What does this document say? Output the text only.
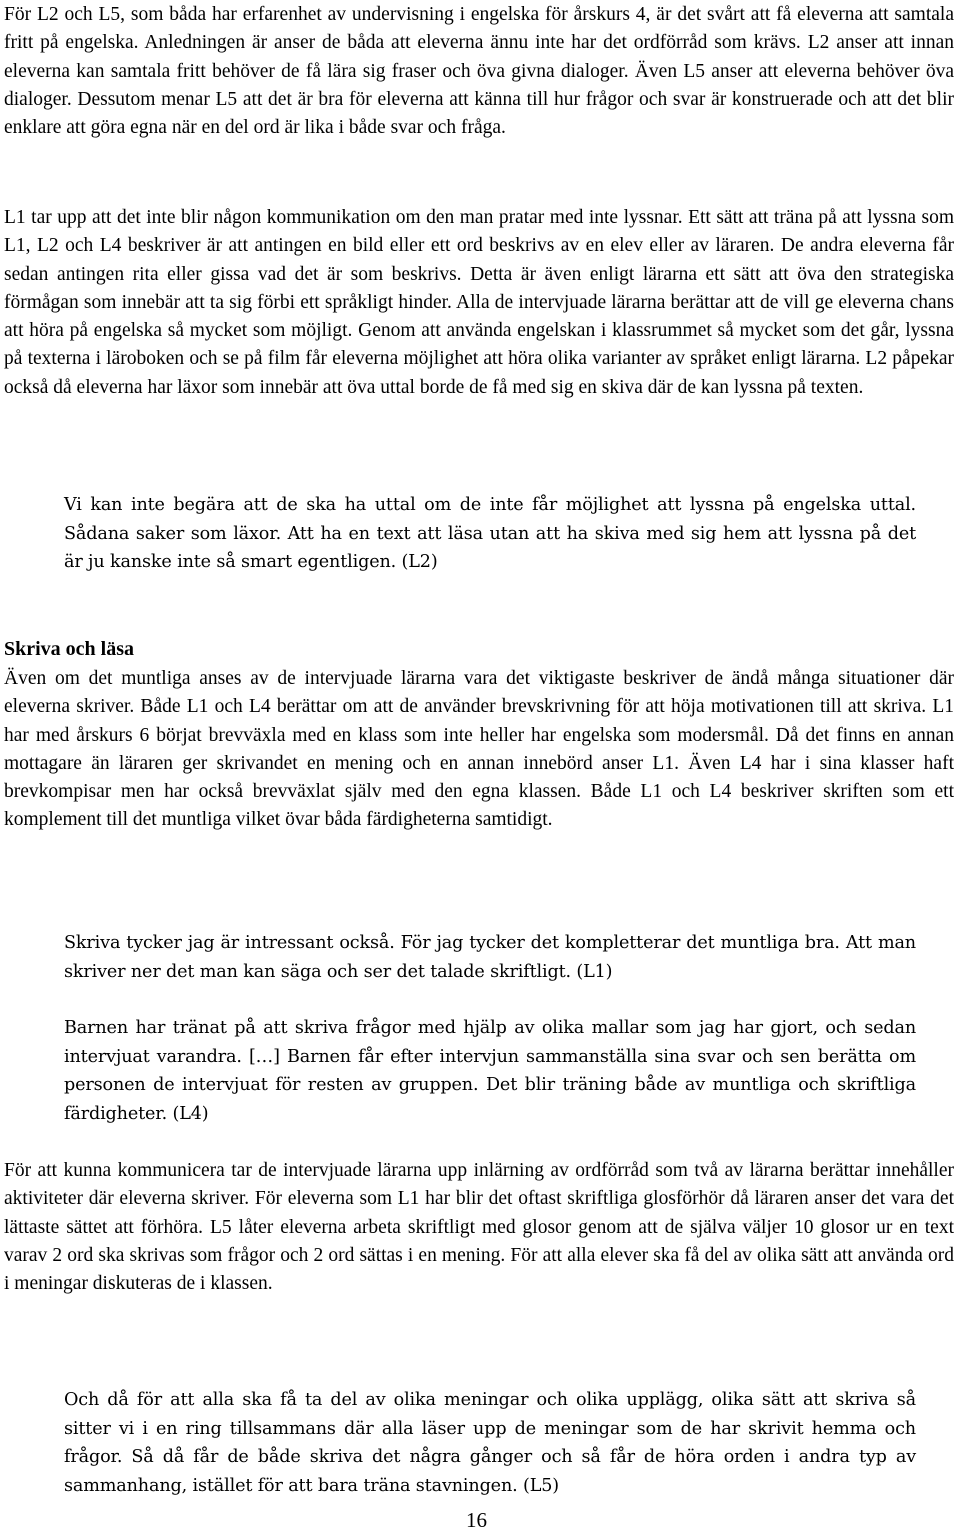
För L2 och L5, som båda har erfarenhet av undervisning i engelska för årskurs 4, är det svårt att få eleverna att samtala fritt på engelska. Anledningen är anser de båda att eleverna ännu inte har det ordförråd som krävs. L2 anser att innan eleverna kan samtala fritt behöver de få lära sig fraser och öva givna dialoger. Även L5 anser att eleverna behöver öva dialoger. Dessutom menar L5 att det är bra för eleverna att känna till hur frågor och svar är konstruerade och att det blir enklare att göra egna när en del ord är lika i både svar och fråga.

L1 tar upp att det inte blir någon kommunikation om den man pratar med inte lyssnar. Ett sätt att träna på att lyssna som L1, L2 och L4 beskriver är att antingen en bild eller ett ord beskrivs av en elev eller av läraren. De andra eleverna får sedan antingen rita eller gissa vad det är som beskrivs. Detta är även enligt lärarna ett sätt att öva den strategiska förmågan som innebär att ta sig förbi ett språkligt hinder. Alla de intervjuade lärarna berättar att de vill ge eleverna chans att höra på engelska så mycket som möjligt. Genom att använda engelskan i klassrummet så mycket som det går, lyssna på texterna i läroboken och se på film får eleverna möjlighet att höra olika varianter av språket enligt lärarna. L2 påpekar också då eleverna har läxor som innebär att öva uttal borde de få med sig en skiva där de kan lyssna på texten.

Vi kan inte begära att de ska ha uttal om de inte får möjlighet att lyssna på engelska uttal. Sådana saker som läxor. Att ha en text att läsa utan att ha skiva med sig hem att lyssna på det är ju kanske inte så smart egentligen. (L2)

Skriva och läsa

Även om det muntliga anses av de intervjuade lärarna vara det viktigaste beskriver de ändå många situationer där eleverna skriver. Både L1 och L4 berättar om att de använder brevskrivning för att höja motivationen till att skriva. L1 har med årskurs 6 börjat brevväxla med en klass som inte heller har engelska som modersmål. Då det finns en annan mottagare än läraren ger skrivandet en mening och en annan innebörd anser L1. Även L4 har i sina klasser haft brevkompisar men har också brevväxlat själv med den egna klassen. Både L1 och L4 beskriver skriften som ett komplement till det muntliga vilket övar båda färdigheterna samtidigt.

Skriva tycker jag är intressant också. För jag tycker det kompletterar det muntliga bra. Att man skriver ner det man kan säga och ser det talade skriftligt. (L1)

Barnen har tränat på att skriva frågor med hjälp av olika mallar som jag har gjort, och sedan intervjuat varandra. […] Barnen får efter intervjun sammanställa sina svar och sen berätta om personen de intervjuat för resten av gruppen. Det blir träning både av muntliga och skriftliga färdigheter. (L4)

För att kunna kommunicera tar de intervjuade lärarna upp inlärning av ordförråd som två av lärarna berättar innehåller aktiviteter där eleverna skriver. För eleverna som L1 har blir det oftast skriftliga glosförhör då läraren anser det vara det lättaste sättet att förhöra. L5 låter eleverna arbeta skriftligt med glosor genom att de själva väljer 10 glosor ur en text varav 2 ord ska skrivas som frågor och 2 ord sättas i en mening. För att alla elever ska få del av olika sätt att använda ord i meningar diskuteras de i klassen.

Och då för att alla ska få ta del av olika meningar och olika upplägg, olika sätt att skriva så sitter vi i en ring tillsammans där alla läser upp de meningar som de har skrivit hemma och frågor. Så då får de både skriva det några gånger och så får de höra orden i andra typ av sammanhang, istället för att bara träna stavningen. (L5)

16
